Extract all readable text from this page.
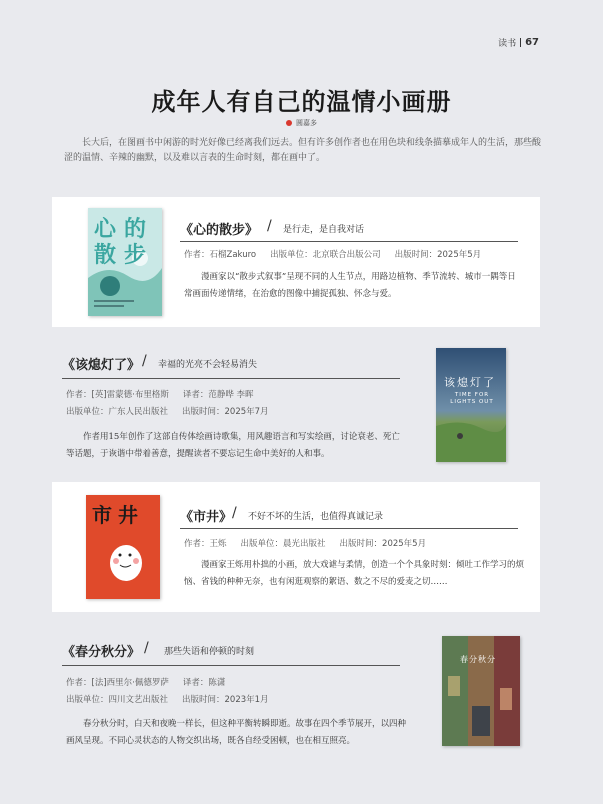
读书 67
成年人有自己的温情小画册
圆嘉多
长大后，在图画书中闲游的时光好像已经离我们远去。但有许多创作者也在用色块和线条描摹成年人的生活，那些酸涩的温情、辛辣的幽默，以及难以言表的生命时刻，都在画中了。
心的散步
《心的散步》 / 是行走，是自我对话
作者：石榴Zakuro 出版单位：北京联合出版公司 出版时间：2025年5月
漫画家以“散步式叙事”呈现不同的人生节点，用路边植物、季节流转、城市一隅等日常画面传递情绪，在治愈的图像中捕捉孤独、怀念与爱。
《该熄灯了》 / 幸福的光亮不会轻易消失
作者：[英]雷蒙德·布里格斯 译者：范静哗 李晖
出版单位：广东人民出版社 出版时间：2025年7月
作者用15年创作了这部自传体绘画诗歌集，用风趣语言和写实绘画，讨论衰老、死亡等话题，于诙谐中带着善意，提醒读者不要忘记生命中美好的人和事。
该熄灯了
TIME FOR LIGHTS OUT
市井	《市井》 / 不好不坏的生活，也值得真诚记录
作者：王烁 出版单位：晨光出版社 出版时间：2025年5月
漫画家王烁用朴拙的小画，放大戏谑与柔情，创造一个个具象时刻：倾吐工作学习的烦恼、省钱的种种无奈，也有闲逛观察的絮语、数之不尽的爱麦之切……
《春分秋分》 / 那些失语和停顿的时刻
作者：[法]西里尔·佩德罗萨 译者：陈潇
出版单位：四川文艺出版社 出版时间：2023年1月
春分秋分时，白天和夜晚一样长，但这种平衡转瞬即逝。故事在四个季节展开，以四种画风呈现。不同心灵状态的人物交织出场，既各自经受困顿，也在相互照亮。
春分秋分
